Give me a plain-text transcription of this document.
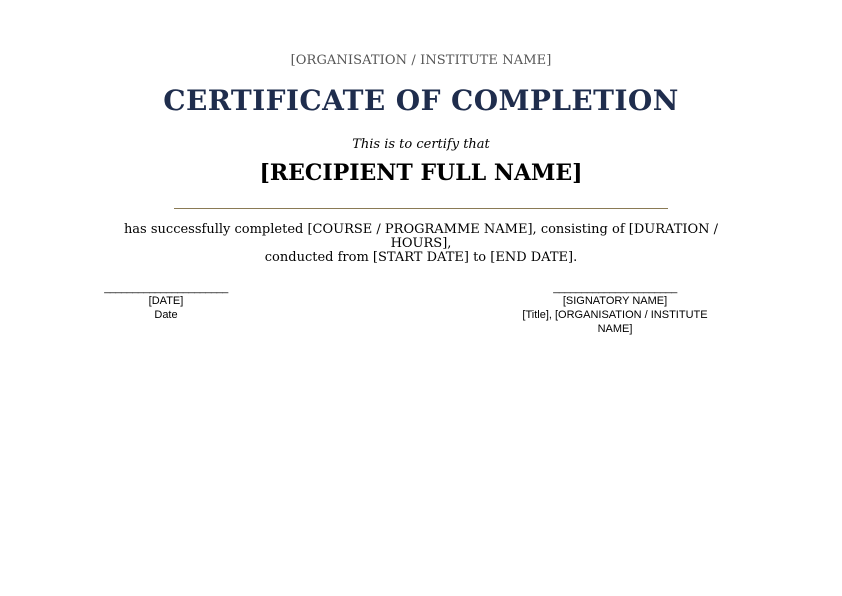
[ORGANISATION / INSTITUTE NAME]
CERTIFICATE OF COMPLETION
This is to certify that
[RECIPIENT FULL NAME]
has successfully completed [COURSE / PROGRAMME NAME], consisting of [DURATION / HOURS],
conducted from [START DATE] to [END DATE].
______________________
[DATE]
Date
______________________
[SIGNATORY NAME]
[Title], [ORGANISATION / INSTITUTE NAME]
